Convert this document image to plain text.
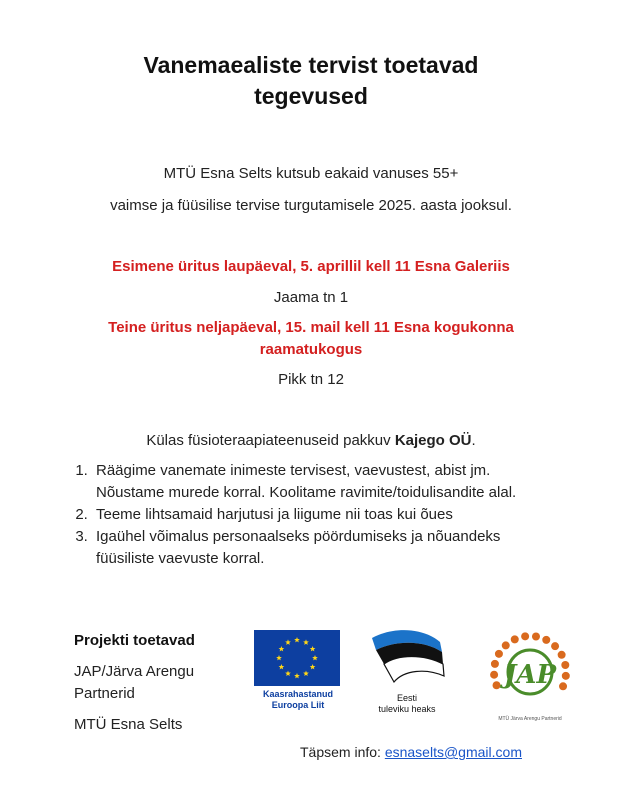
Vanemaealiste tervist toetavad
tegevused
MTÜ Esna Selts kutsub eakaid vanuses 55+
vaimse ja füüsilise tervise turgutamisele 2025. aasta jooksul.
Esimene üritus laupäeval, 5. aprillil kell 11 Esna Galeriis
Jaama tn 1
Teine üritus neljapäeval, 15. mail kell 11 Esna kogukonna
raamatukogus
Pikk tn 12
Külas füsioteraapiateenuseid pakkuv Kajego OÜ.
1. Räägime vanemate inimeste tervisest, vaevustest, abist jm. Nõustame murede korral. Koolitame ravimite/toidulisandite alal.
2. Teeme lihtsamaid harjutusi ja liigume nii toas kui õues
3. Igaühel võimalus personaalseks pöördumiseks ja nõuandeks füüsiliste vaevuste korral.
Projekti toetavad
JAP/Järva Arengu Partnerid
MTÜ Esna Selts
Kaasrahastanud
Euroopa Liit
Eesti
tuleviku heaks
JAP
MTÜ Järva Arengu Partnerid
Täpsem info: esnaselts@gmail.com
